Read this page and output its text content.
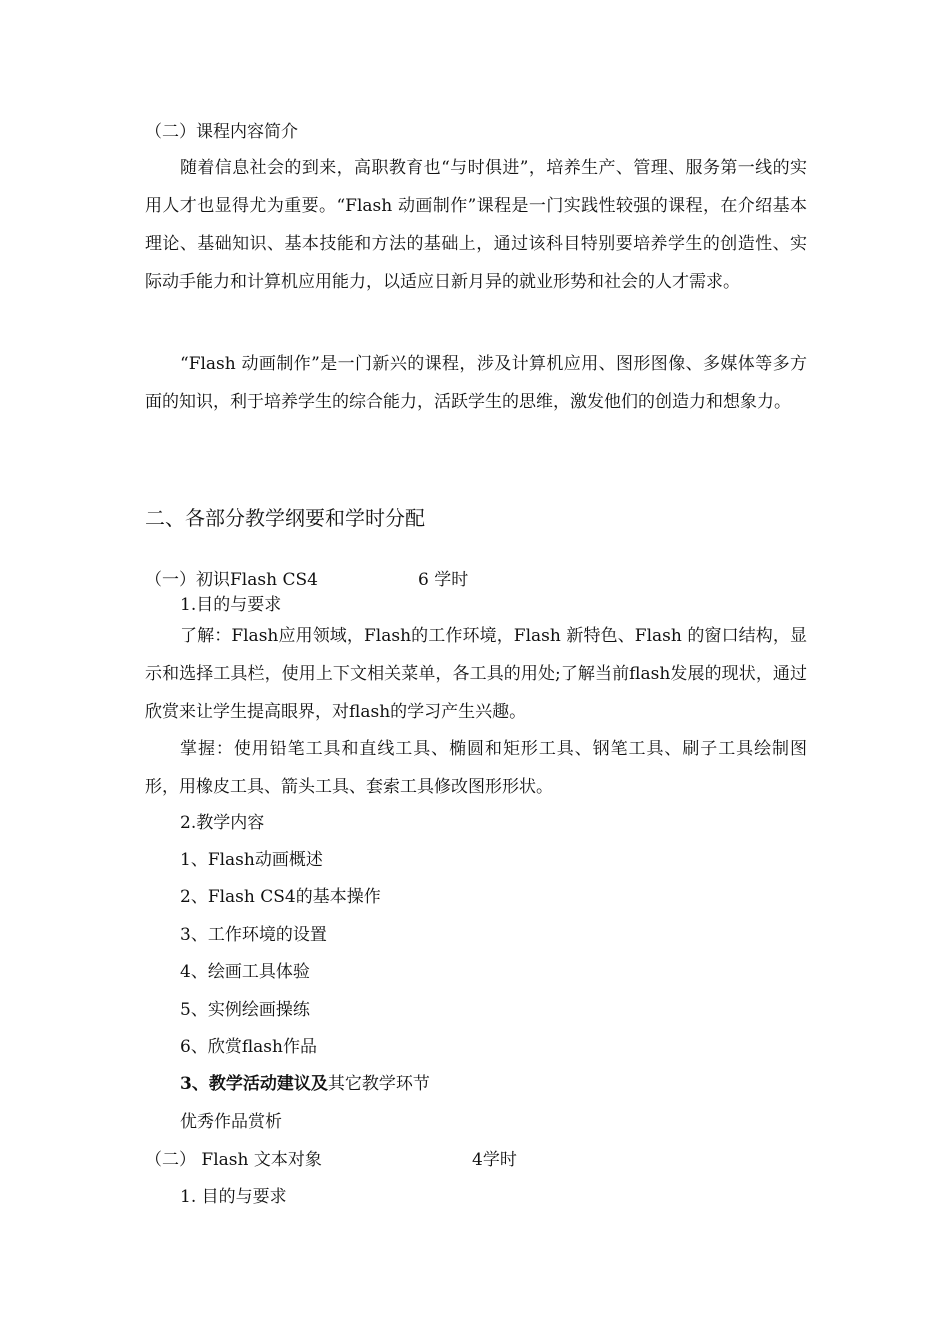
（二）课程内容简介
随着信息社会的到来，高职教育也“与时俱进”，培养生产、管理、服务第一线的实用人才也显得尤为重要。“Flash 动画制作”课程是一门实践性较强的课程，在介绍基本理论、基础知识、基本技能和方法的基础上，通过该科目特别要培养学生的创造性、实际动手能力和计算机应用能力，以适应日新月异的就业形势和社会的人才需求。
“Flash 动画制作”是一门新兴的课程，涉及计算机应用、图形图像、多媒体等多方面的知识，利于培养学生的综合能力，活跃学生的思维，激发他们的创造力和想象力。
二、各部分教学纲要和学时分配
（一）初识Flash CS4	6 学时
1.目的与要求
了解：Flash应用领域，Flash的工作环境，Flash 新特色、Flash 的窗口结构，显示和选择工具栏，使用上下文相关菜单，各工具的用处;了解当前flash发展的现状，通过欣赏来让学生提高眼界，对flash的学习产生兴趣。
掌握：使用铅笔工具和直线工具、椭圆和矩形工具、钢笔工具、刷子工具绘制图形，用橡皮工具、箭头工具、套索工具修改图形形状。
2.教学内容
1、Flash动画概述
2、Flash CS4的基本操作
3、工作环境的设置
4、绘画工具体验
5、实例绘画操练
6、欣赏flash作品
3、教学活动建议及其它教学环节
优秀作品赏析
（二） Flash 文本对象	4学时
1. 目的与要求
